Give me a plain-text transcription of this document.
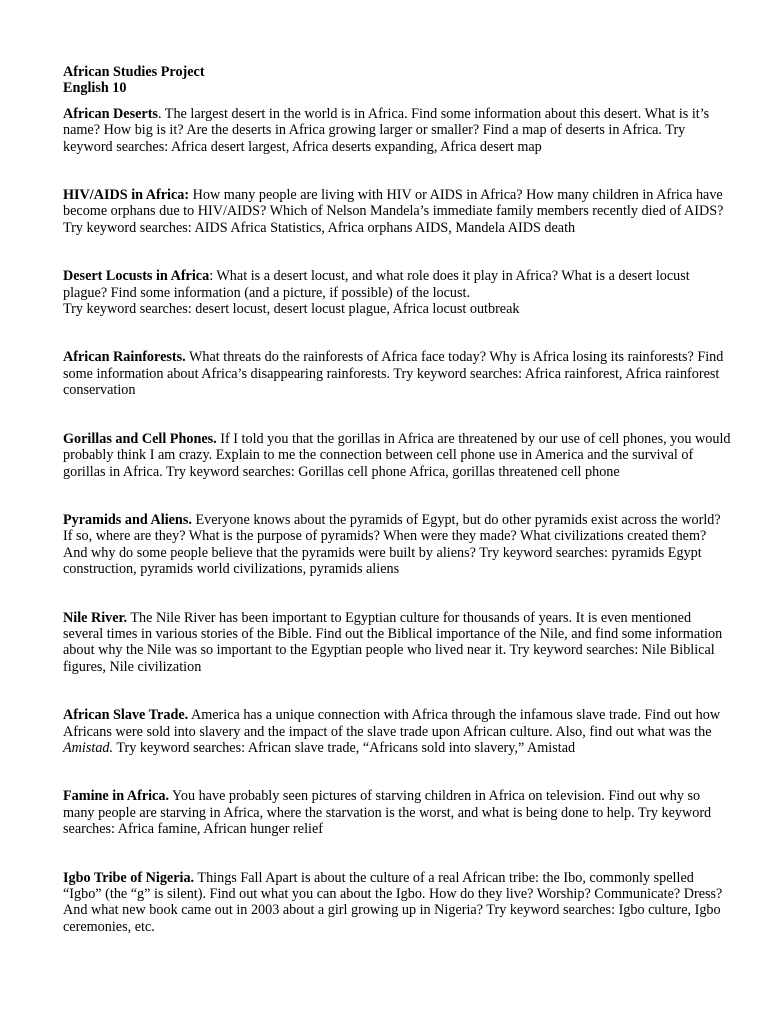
African Studies Project
English 10

African Deserts. The largest desert in the world is in Africa. Find some information about this desert. What is it’s name? How big is it? Are the deserts in Africa growing larger or smaller? Find a map of deserts in Africa. Try keyword searches: Africa desert largest, Africa deserts expanding, Africa desert map

HIV/AIDS in Africa: How many people are living with HIV or AIDS in Africa? How many children in Africa have become orphans due to HIV/AIDS? Which of Nelson Mandela’s immediate family members recently died of AIDS? Try keyword searches: AIDS Africa Statistics, Africa orphans AIDS, Mandela AIDS death

Desert Locusts in Africa: What is a desert locust, and what role does it play in Africa? What is a desert locust plague? Find some information (and a picture, if possible) of the locust.
Try keyword searches: desert locust, desert locust plague, Africa locust outbreak

African Rainforests. What threats do the rainforests of Africa face today? Why is Africa losing its rainforests? Find some information about Africa’s disappearing rainforests. Try keyword searches: Africa rainforest, Africa rainforest conservation

Gorillas and Cell Phones. If I told you that the gorillas in Africa are threatened by our use of cell phones, you would probably think I am crazy. Explain to me the connection between cell phone use in America and the survival of gorillas in Africa. Try keyword searches: Gorillas cell phone Africa, gorillas threatened cell phone

Pyramids and Aliens. Everyone knows about the pyramids of Egypt, but do other pyramids exist across the world? If so, where are they? What is the purpose of pyramids? When were they made? What civilizations created them? And why do some people believe that the pyramids were built by aliens? Try keyword searches: pyramids Egypt construction, pyramids world civilizations, pyramids aliens

Nile River. The Nile River has been important to Egyptian culture for thousands of years. It is even mentioned several times in various stories of the Bible. Find out the Biblical importance of the Nile, and find some information about why the Nile was so important to the Egyptian people who lived near it. Try keyword searches: Nile Biblical figures, Nile civilization

African Slave Trade. America has a unique connection with Africa through the infamous slave trade. Find out how Africans were sold into slavery and the impact of the slave trade upon African culture. Also, find out what was the Amistad. Try keyword searches: African slave trade, “Africans sold into slavery,” Amistad

Famine in Africa. You have probably seen pictures of starving children in Africa on television. Find out why so many people are starving in Africa, where the starvation is the worst, and what is being done to help. Try keyword searches: Africa famine, African hunger relief

Igbo Tribe of Nigeria. Things Fall Apart is about the culture of a real African tribe: the Ibo, commonly spelled “Igbo” (the “g” is silent). Find out what you can about the Igbo. How do they live? Worship? Communicate? Dress? And what new book came out in 2003 about a girl growing up in Nigeria? Try keyword searches: Igbo culture, Igbo ceremonies, etc.
